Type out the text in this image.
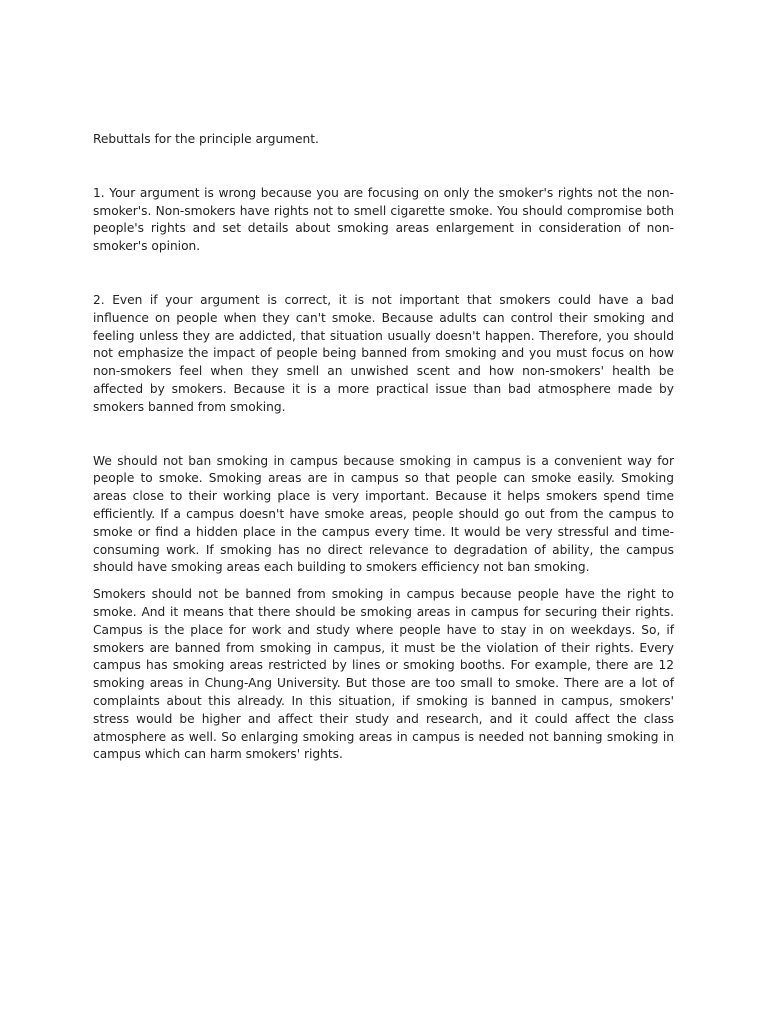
Rebuttals for the principle argument.

1. Your argument is wrong because you are focusing on only the smoker's rights not the non-smoker's. Non-smokers have rights not to smell cigarette smoke. You should compromise both people's rights and set details about smoking areas enlargement in consideration of non-smoker's opinion.

2. Even if your argument is correct, it is not important that smokers could have a bad influence on people when they can't smoke. Because adults can control their smoking and feeling unless they are addicted, that situation usually doesn't happen. Therefore, you should not emphasize the impact of people being banned from smoking and you must focus on how non-smokers feel when they smell an unwished scent and how non-smokers' health be affected by smokers. Because it is a more practical issue than bad atmosphere made by smokers banned from smoking.

We should not ban smoking in campus because smoking in campus is a convenient way for people to smoke. Smoking areas are in campus so that people can smoke easily. Smoking areas close to their working place is very important. Because it helps smokers spend time efficiently. If a campus doesn't have smoke areas, people should go out from the campus to smoke or find a hidden place in the campus every time. It would be very stressful and time-consuming work. If smoking has no direct relevance to degradation of ability, the campus should have smoking areas each building to smokers efficiency not ban smoking.

Smokers should not be banned from smoking in campus because people have the right to smoke. And it means that there should be smoking areas in campus for securing their rights. Campus is the place for work and study where people have to stay in on weekdays. So, if smokers are banned from smoking in campus, it must be the violation of their rights. Every campus has smoking areas restricted by lines or smoking booths. For example, there are 12 smoking areas in Chung-Ang University. But those are too small to smoke. There are a lot of complaints about this already. In this situation, if smoking is banned in campus, smokers' stress would be higher and affect their study and research, and it could affect the class atmosphere as well. So enlarging smoking areas in campus is needed not banning smoking in campus which can harm smokers' rights.
